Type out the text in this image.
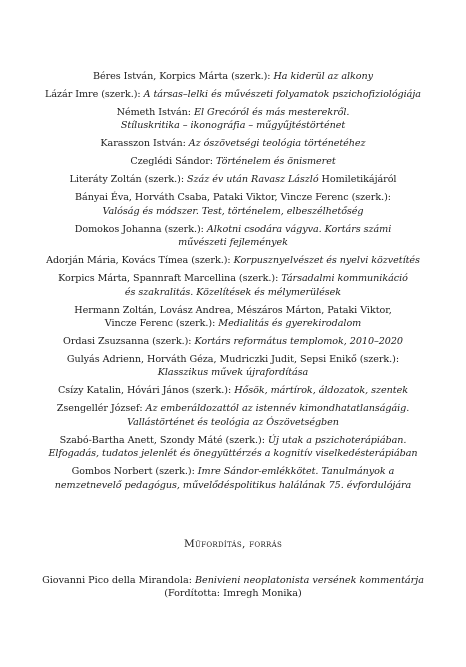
Béres István, Korpics Márta (szerk.): Ha kiderül az alkony
Lázár Imre (szerk.): A társas–lelki és művészeti folyamatok pszichofiziológiája
Németh István: El Grecóról és más mesterekről.
Stíluskritika – ikonográfia – műgyűjtéstörténet
Karasszon István: Az ószövetségi teológia történetéhez
Czeglédi Sándor: Történelem és önismeret
Literáty Zoltán (szerk.): Száz év után Ravasz László Homiletikájáról
Bányai Éva, Horváth Csaba, Pataki Viktor, Vincze Ferenc (szerk.):
Valóság és módszer. Test, történelem, elbeszélhetőség
Domokos Johanna (szerk.): Alkotni csodára vágyva. Kortárs számi
művészeti fejlemények
Adorján Mária, Kovács Tímea (szerk.): Korpusznyelvészet és nyelvi közvetítés
Korpics Márta, Spannraft Marcellina (szerk.): Társadalmi kommunikáció
és szakralitás. Közelítések és mélymerülések
Hermann Zoltán, Lovász Andrea, Mészáros Márton, Pataki Viktor,
Vincze Ferenc (szerk.): Medialitás és gyerekirodalom
Ordasi Zsuzsanna (szerk.): Kortárs református templomok, 2010–2020
Gulyás Adrienn, Horváth Géza, Mudriczki Judit, Sepsi Enikő (szerk.):
Klasszikus művek újrafordítása
Csízy Katalin, Hóvári János (szerk.): Hősök, mártírok, áldozatok, szentek
Zsengellér József: Az emberáldozattól az istennév kimondhatatlanságáig.
Vallástörténet és teológia az Ószövetségben
Szabó-Bartha Anett, Szondy Máté (szerk.): Új utak a pszichoterápiában.
Elfogadás, tudatos jelenlét és önegyüttérzés a kognitív viselkedésterápiában
Gombos Norbert (szerk.): Imre Sándor-emlékkötet. Tanulmányok a
nemzetnevelő pedagógus, művelődéspolitikus halálának 75. évfordulójára
Műfordítás, forrás
Giovanni Pico della Mirandola: Benivieni neoplatonista versének kommentárja
(Fordította: Imregh Monika)
